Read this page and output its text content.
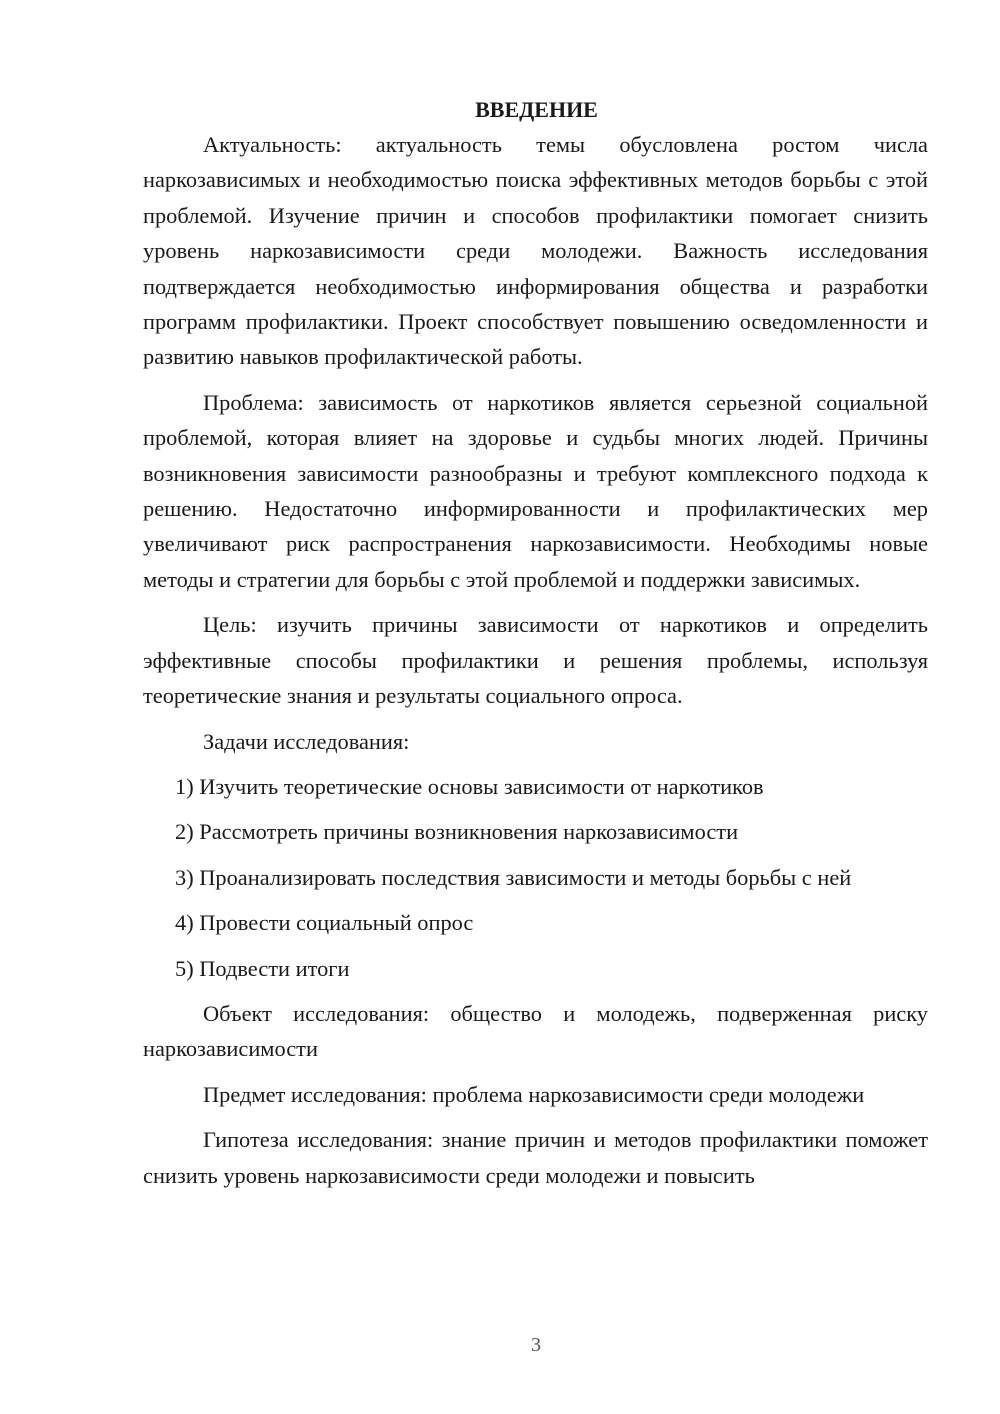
ВВЕДЕНИЕ

Актуальность: актуальность темы обусловлена ростом числа наркозависимых и необходимостью поиска эффективных методов борьбы с этой проблемой. Изучение причин и способов профилактики помогает снизить уровень наркозависимости среди молодежи. Важность исследования подтверждается необходимостью информирования общества и разработки программ профилактики. Проект способствует повышению осведомленности и развитию навыков профилактической работы.

Проблема: зависимость от наркотиков является серьезной социальной проблемой, которая влияет на здоровье и судьбы многих людей. Причины возникновения зависимости разнообразны и требуют комплексного подхода к решению. Недостаточно информированности и профилактических мер увеличивают риск распространения наркозависимости. Необходимы новые методы и стратегии для борьбы с этой проблемой и поддержки зависимых.

Цель: изучить причины зависимости от наркотиков и определить эффективные способы профилактики и решения проблемы, используя теоретические знания и результаты социального опроса.

Задачи исследования:

1) Изучить теоретические основы зависимости от наркотиков
2) Рассмотреть причины возникновения наркозависимости
3) Проанализировать последствия зависимости и методы борьбы с ней
4) Провести социальный опрос
5) Подвести итоги

Объект исследования: общество и молодежь, подверженная риску наркозависимости

Предмет исследования: проблема наркозависимости среди молодежи

Гипотеза исследования: знание причин и методов профилактики поможет снизить уровень наркозависимости среди молодежи и повысить

3
